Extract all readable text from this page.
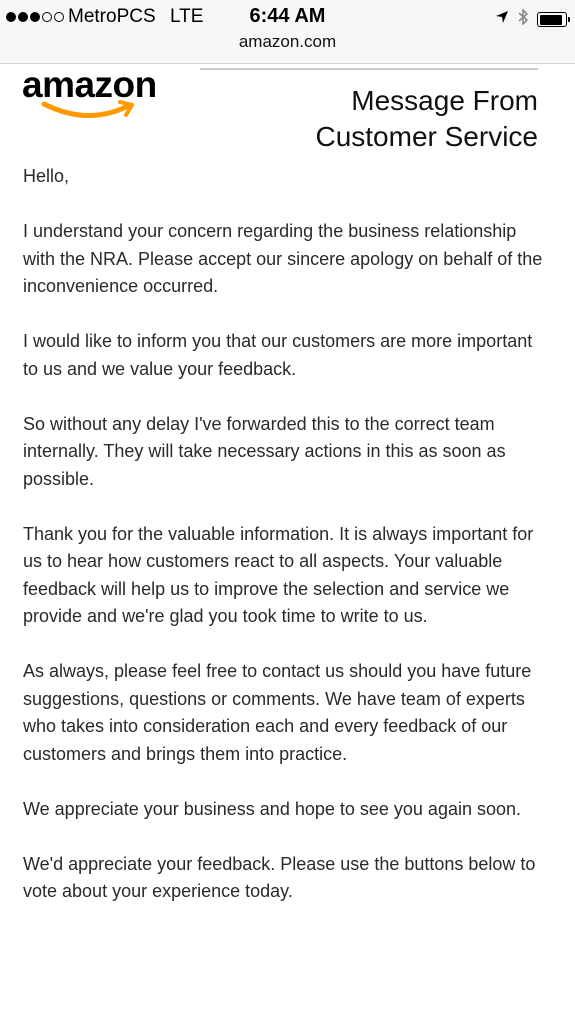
MetroPCS LTE	6:44 AM
amazon.com
amazon	Message From
Customer Service

Hello,

I understand your concern regarding the business relationship with the NRA. Please accept our sincere apology on behalf of the inconvenience occurred.

I would like to inform you that our customers are more important to us and we value your feedback.

So without any delay I've forwarded this to the correct team internally. They will take necessary actions in this as soon as possible.

Thank you for the valuable information. It is always important for us to hear how customers react to all aspects. Your valuable feedback will help us to improve the selection and service we provide and we're glad you took time to write to us.

As always, please feel free to contact us should you have future suggestions, questions or comments. We have team of experts who takes into consideration each and every feedback of our customers and brings them into practice.

We appreciate your business and hope to see you again soon.

We'd appreciate your feedback. Please use the buttons below to vote about your experience today.
